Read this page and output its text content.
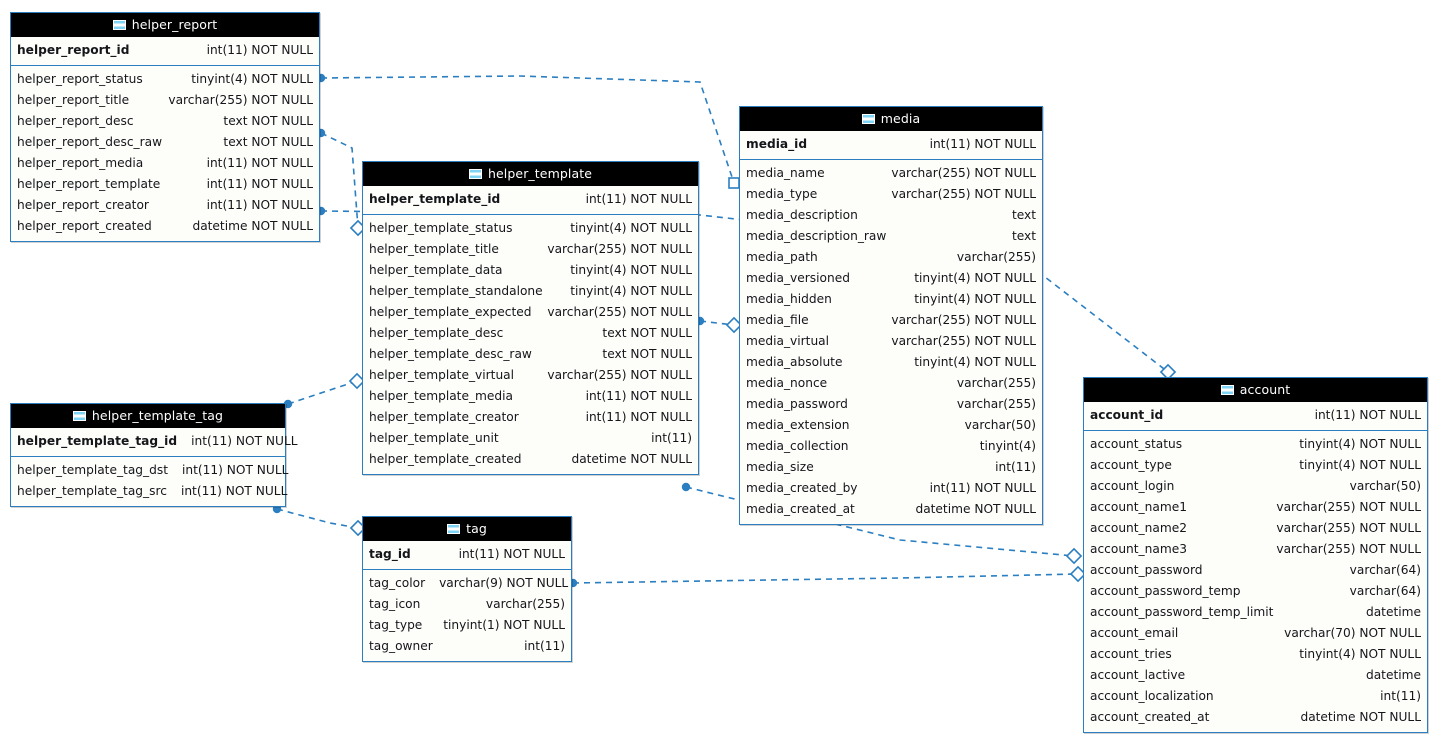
helper_report
helper_report_id	int(11) NOT NULL
helper_report_status	tinyint(4) NOT NULL
helper_report_title	varchar(255) NOT NULL
helper_report_desc	text NOT NULL
helper_report_desc_raw	text NOT NULL
helper_report_media	int(11) NOT NULL
helper_report_template	int(11) NOT NULL
helper_report_creator	int(11) NOT NULL
helper_report_created	datetime NOT NULL
helper_template
helper_template_id	int(11) NOT NULL
helper_template_status	tinyint(4) NOT NULL
helper_template_title	varchar(255) NOT NULL
helper_template_data	tinyint(4) NOT NULL
helper_template_standalone	tinyint(4) NOT NULL
helper_template_expected	varchar(255) NOT NULL
helper_template_desc	text NOT NULL
helper_template_desc_raw	text NOT NULL
helper_template_virtual	varchar(255) NOT NULL
helper_template_media	int(11) NOT NULL
helper_template_creator	int(11) NOT NULL
helper_template_unit	int(11)
helper_template_created	datetime NOT NULL
media
media_id	int(11) NOT NULL
media_name	varchar(255) NOT NULL
media_type	varchar(255) NOT NULL
media_description	text
media_description_raw	text
media_path	varchar(255)
media_versioned	tinyint(4) NOT NULL
media_hidden	tinyint(4) NOT NULL
media_file	varchar(255) NOT NULL
media_virtual	varchar(255) NOT NULL
media_absolute	tinyint(4) NOT NULL
media_nonce	varchar(255)
media_password	varchar(255)
media_extension	varchar(50)
media_collection	tinyint(4)
media_size	int(11)
media_created_by	int(11) NOT NULL
media_created_at	datetime NOT NULL
account
account_id	int(11) NOT NULL
account_status	tinyint(4) NOT NULL
account_type	tinyint(4) NOT NULL
account_login	varchar(50)
account_name1	varchar(255) NOT NULL
account_name2	varchar(255) NOT NULL
account_name3	varchar(255) NOT NULL
account_password	varchar(64)
account_password_temp	varchar(64)
account_password_temp_limit	datetime
account_email	varchar(70) NOT NULL
account_tries	tinyint(4) NOT NULL
account_lactive	datetime
account_localization	int(11)
account_created_at	datetime NOT NULL
helper_template_tag
helper_template_tag_id	int(11) NOT NULL
helper_template_tag_dst	int(11) NOT NULL
helper_template_tag_src	int(11) NOT NULL
tag
tag_id	int(11) NOT NULL
tag_color	varchar(9) NOT NULL
tag_icon	varchar(255)
tag_type	tinyint(1) NOT NULL
tag_owner	int(11)
